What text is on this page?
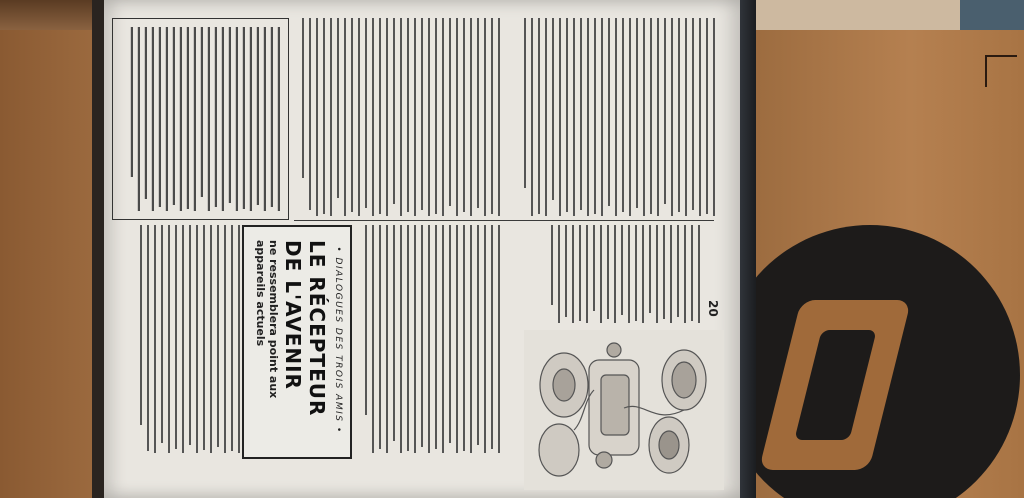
• DIALOGUES DES TROIS AMIS •
LE RÉCEPTEUR
DE L'AVENIR
ne ressemblera point aux appareils actuels	20
